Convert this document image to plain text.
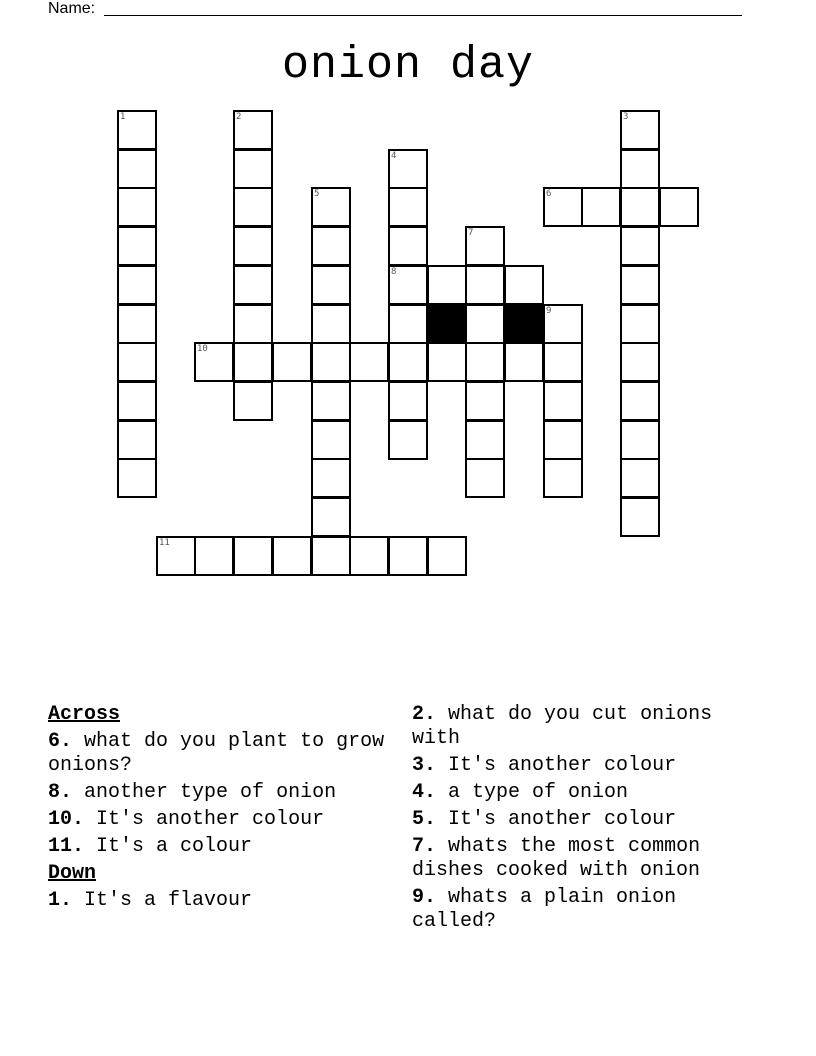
Name:
onion day
1	2	3
4
8
5	6
7
9
10
11
Across
6. what do you plant to grow onions?
8. another type of onion
10. It's another colour
11. It's a colour
Down
1. It's a flavour
2. what do you cut onions with
3. It's another colour
4. a type of onion
5. It's another colour
7. whats the most common dishes cooked with onion
9. whats a plain onion called?
